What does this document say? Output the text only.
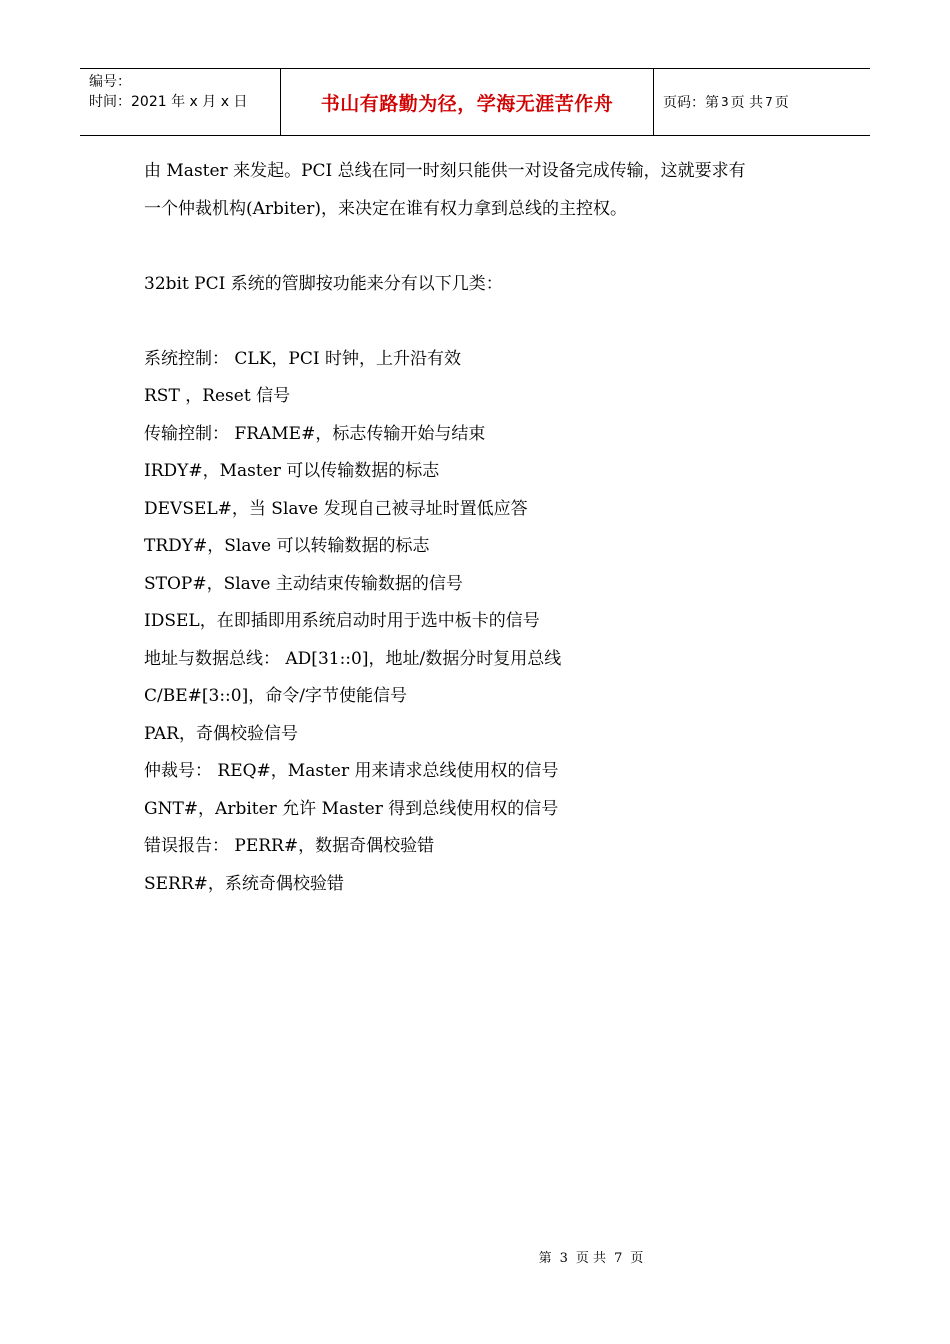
编号：
时间：2021 年 x 月 x 日	书山有路勤为径，学海无涯苦作舟	页码：第 3 页 共 7 页
由 Master 来发起。PCI 总线在同一时刻只能供一对设备完成传输，这就要求有
一个仲裁机构(Arbiter)，来决定在谁有权力拿到总线的主控权。
32bit PCI 系统的管脚按功能来分有以下几类：
系统控制： CLK，PCI 时钟，上升沿有效
RST ，Reset 信号
传输控制： FRAME#，标志传输开始与结束
IRDY#，Master 可以传输数据的标志
DEVSEL#，当 Slave 发现自己被寻址时置低应答
TRDY#，Slave 可以转输数据的标志
STOP#，Slave 主动结束传输数据的信号
IDSEL，在即插即用系统启动时用于选中板卡的信号
地址与数据总线： AD[31::0]，地址/数据分时复用总线
C/BE#[3::0]，命令/字节使能信号
PAR，奇偶校验信号
仲裁号： REQ#，Master 用来请求总线使用权的信号
GNT#，Arbiter 允许 Master 得到总线使用权的信号
错误报告： PERR#，数据奇偶校验错
SERR#，系统奇偶校验错
第 3 页 共 7 页
